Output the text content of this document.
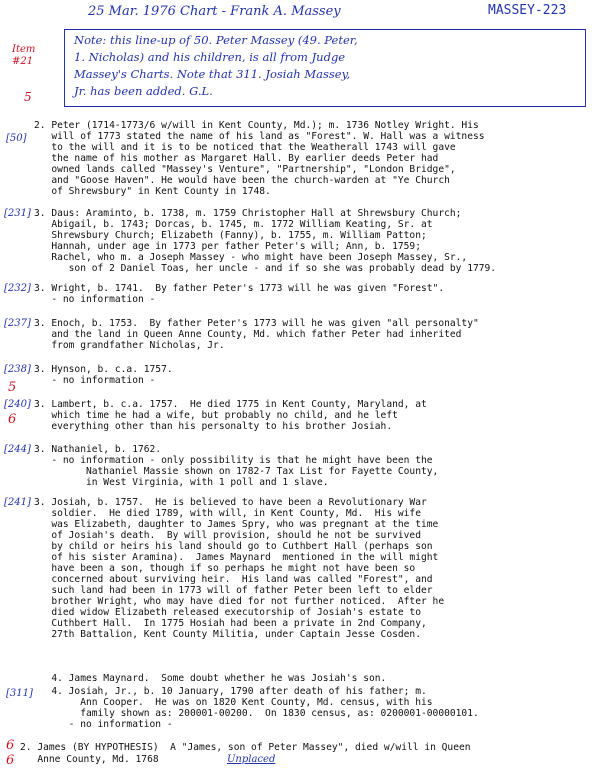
25 Mar. 1976 Chart - Frank A. Massey	MASSEY-223
Item #21
5
Note: this line-up of 50. Peter Massey (49. Peter,
1. Nicholas) and his children, is all from Judge
Massey's Charts. Note that 311. Josiah Massey,
Jr. has been added. G.L.
[50]
2. Peter (1714-1773/6 w/will in Kent County, Md.); m. 1736 Notley Wright. His
will of 1773 stated the name of his land as "Forest". W. Hall was a witness
to the will and it is to be noticed that the Weatherall 1743 will gave
the name of his mother as Margaret Hall. By earlier deeds Peter had
owned lands called "Massey's Venture", "Partnership", "London Bridge",
and "Goose Haven". He would have been the church-warden at "Ye Church
of Shrewsbury" in Kent County in 1748.
[231] 3. Daus: Araminto, b. 1738, m. 1759 Christopher Hall at Shrewsbury Church;
Abigail, b. 1743; Dorcas, b. 1745, m. 1772 William Keating, Sr. at
Shrewsbury Church; Elizabeth (Fanny), b. 1755, m. William Patton;
Hannah, under age in 1773 per father Peter's will; Ann, b. 1759;
Rachel, who m. a Joseph Massey - who might have been Joseph Massey, Sr.,
son of 2 Daniel Toas, her uncle - and if so she was probably dead by 1779.
[232] 3. Wright, b. 1741.  By father Peter's 1773 will he was given "Forest".
- no information -
[237] 3. Enoch, b. 1753.  By father Peter's 1773 will he was given "all personalty"
and the land in Queen Anne County, Md. which father Peter had inherited
from grandfather Nicholas, Jr.
[238] 3. Hynson, b. c.a. 1757.
- no information -
5
[240]
6
3. Lambert, b. c.a. 1757.  He died 1775 in Kent County, Maryland, at
which time he had a wife, but probably no child, and he left
everything other than his personalty to his brother Josiah.
[244] 3. Nathaniel, b. 1762.
- no information - only possibility is that he might have been the
Nathaniel Massie shown on 1782-7 Tax List for Fayette County,
in West Virginia, with 1 poll and 1 slave.
[241] 3. Josiah, b. 1757.  He is believed to have been a Revolutionary War
soldier.  He died 1789, with will, in Kent County, Md.  His wife
was Elizabeth, daughter to James Spry, who was pregnant at the time
of Josiah's death.  By will provision, should he not be survived
by child or heirs his land should go to Cuthbert Hall (perhaps son
of his sister Aramina).  James Maynard  mentioned in the will might
have been a son, though if so perhaps he might not have been so
concerned about surviving heir.  His land was called "Forest", and
such land had been in 1773 will of father Peter been left to elder
brother Wright, who may have died for not further noticed.  After he
died widow Elizabeth released executorship of Josiah's estate to
Cuthbert Hall.  In 1775 Hosiah had been a private in 2nd Company,
27th Battalion, Kent County Militia, under Captain Jesse Cosden.
4. James Maynard.  Some doubt whether he was Josiah's son.
[311] 4. Josiah, Jr., b. 10 January, 1790 after death of his father; m.
Ann Cooper.  He was on 1820 Kent County, Md. census, with his
family shown as: 200001-00200.  On 1830 census, as: 0200001-00000101.
- no information -
6
6
2. James (BY HYPOTHESIS)  A "James, son of Peter Massey", died w/will in Queen
Anne County, Md. 1768	Unplaced
